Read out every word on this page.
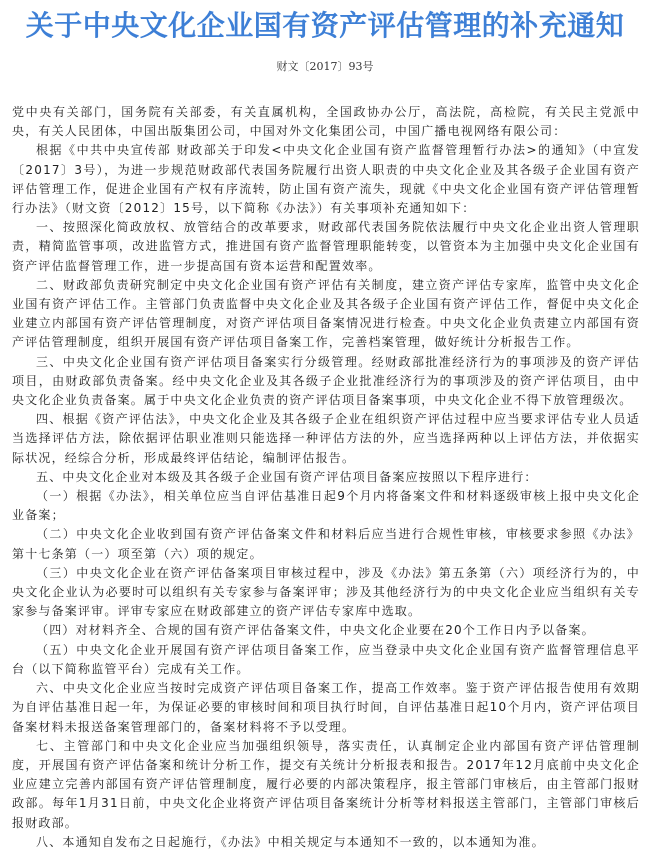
关于中央文化企业国有资产评估管理的补充通知
财文〔2017〕93号

党中央有关部门，国务院有关部委，有关直属机构，全国政协办公厅，高法院，高检院，有关民主党派中央，有关人民团体，中国出版集团公司，中国对外文化集团公司，中国广播电视网络有限公司：

根据《中共中央宣传部 财政部关于印发<中央文化企业国有资产监督管理暂行办法>的通知》（中宣发〔2017〕3号），为进一步规范财政部代表国务院履行出资人职责的中央文化企业及其各级子企业国有资产评估管理工作，促进企业国有产权有序流转，防止国有资产流失，现就《中央文化企业国有资产评估管理暂行办法》（财文资〔2012〕15号，以下简称《办法》）有关事项补充通知如下：

一、按照深化简政放权、放管结合的改革要求，财政部代表国务院依法履行中央文化企业出资人管理职责，精简监管事项，改进监管方式，推进国有资产监督管理职能转变，以管资本为主加强中央文化企业国有资产评估监督管理工作，进一步提高国有资本运营和配置效率。

二、财政部负责研究制定中央文化企业国有资产评估有关制度，建立资产评估专家库，监管中央文化企业国有资产评估工作。主管部门负责监督中央文化企业及其各级子企业国有资产评估工作，督促中央文化企业建立内部国有资产评估管理制度，对资产评估项目备案情况进行检查。中央文化企业负责建立内部国有资产评估管理制度，组织开展国有资产评估项目备案工作，完善档案管理，做好统计分析报告工作。

三、中央文化企业国有资产评估项目备案实行分级管理。经财政部批准经济行为的事项涉及的资产评估项目，由财政部负责备案。经中央文化企业及其各级子企业批准经济行为的事项涉及的资产评估项目，由中央文化企业负责备案。属于中央文化企业负责的资产评估项目备案事项，中央文化企业不得下放管理级次。

四、根据《资产评估法》，中央文化企业及其各级子企业在组织资产评估过程中应当要求评估专业人员适当选择评估方法，除依据评估职业准则只能选择一种评估方法的外，应当选择两种以上评估方法，并依据实际状况，经综合分析，形成最终评估结论，编制评估报告。

五、中央文化企业对本级及其各级子企业国有资产评估项目备案应按照以下程序进行：

（一）根据《办法》，相关单位应当自评估基准日起9个月内将备案文件和材料逐级审核上报中央文化企业备案；

（二）中央文化企业收到国有资产评估备案文件和材料后应当进行合规性审核，审核要求参照《办法》第十七条第（一）项至第（六）项的规定。

（三）中央文化企业在资产评估备案项目审核过程中，涉及《办法》第五条第（六）项经济行为的，中央文化企业认为必要时可以组织有关专家参与备案评审；涉及其他经济行为的中央文化企业应当组织有关专家参与备案评审。评审专家应在财政部建立的资产评估专家库中选取。

（四）对材料齐全、合规的国有资产评估备案文件，中央文化企业要在20个工作日内予以备案。

（五）中央文化企业开展国有资产评估项目备案工作，应当登录中央文化企业国有资产监督管理信息平台（以下简称监管平台）完成有关工作。

六、中央文化企业应当按时完成资产评估项目备案工作，提高工作效率。鉴于资产评估报告使用有效期为自评估基准日起一年，为保证必要的审核时间和项目执行时间，自评估基准日起10个月内，资产评估项目备案材料未报送备案管理部门的，备案材料将不予以受理。

七、主管部门和中央文化企业应当加强组织领导，落实责任，认真制定企业内部国有资产评估管理制度，开展国有资产评估备案和统计分析工作，提交有关统计分析报表和报告。2017年12月底前中央文化企业应建立完善内部国有资产评估管理制度，履行必要的内部决策程序，报主管部门审核后，由主管部门报财政部。每年1月31日前，中央文化企业将资产评估项目备案统计分析等材料报送主管部门，主管部门审核后报财政部。

八、本通知自发布之日起施行，《办法》中相关规定与本通知不一致的，以本通知为准。
